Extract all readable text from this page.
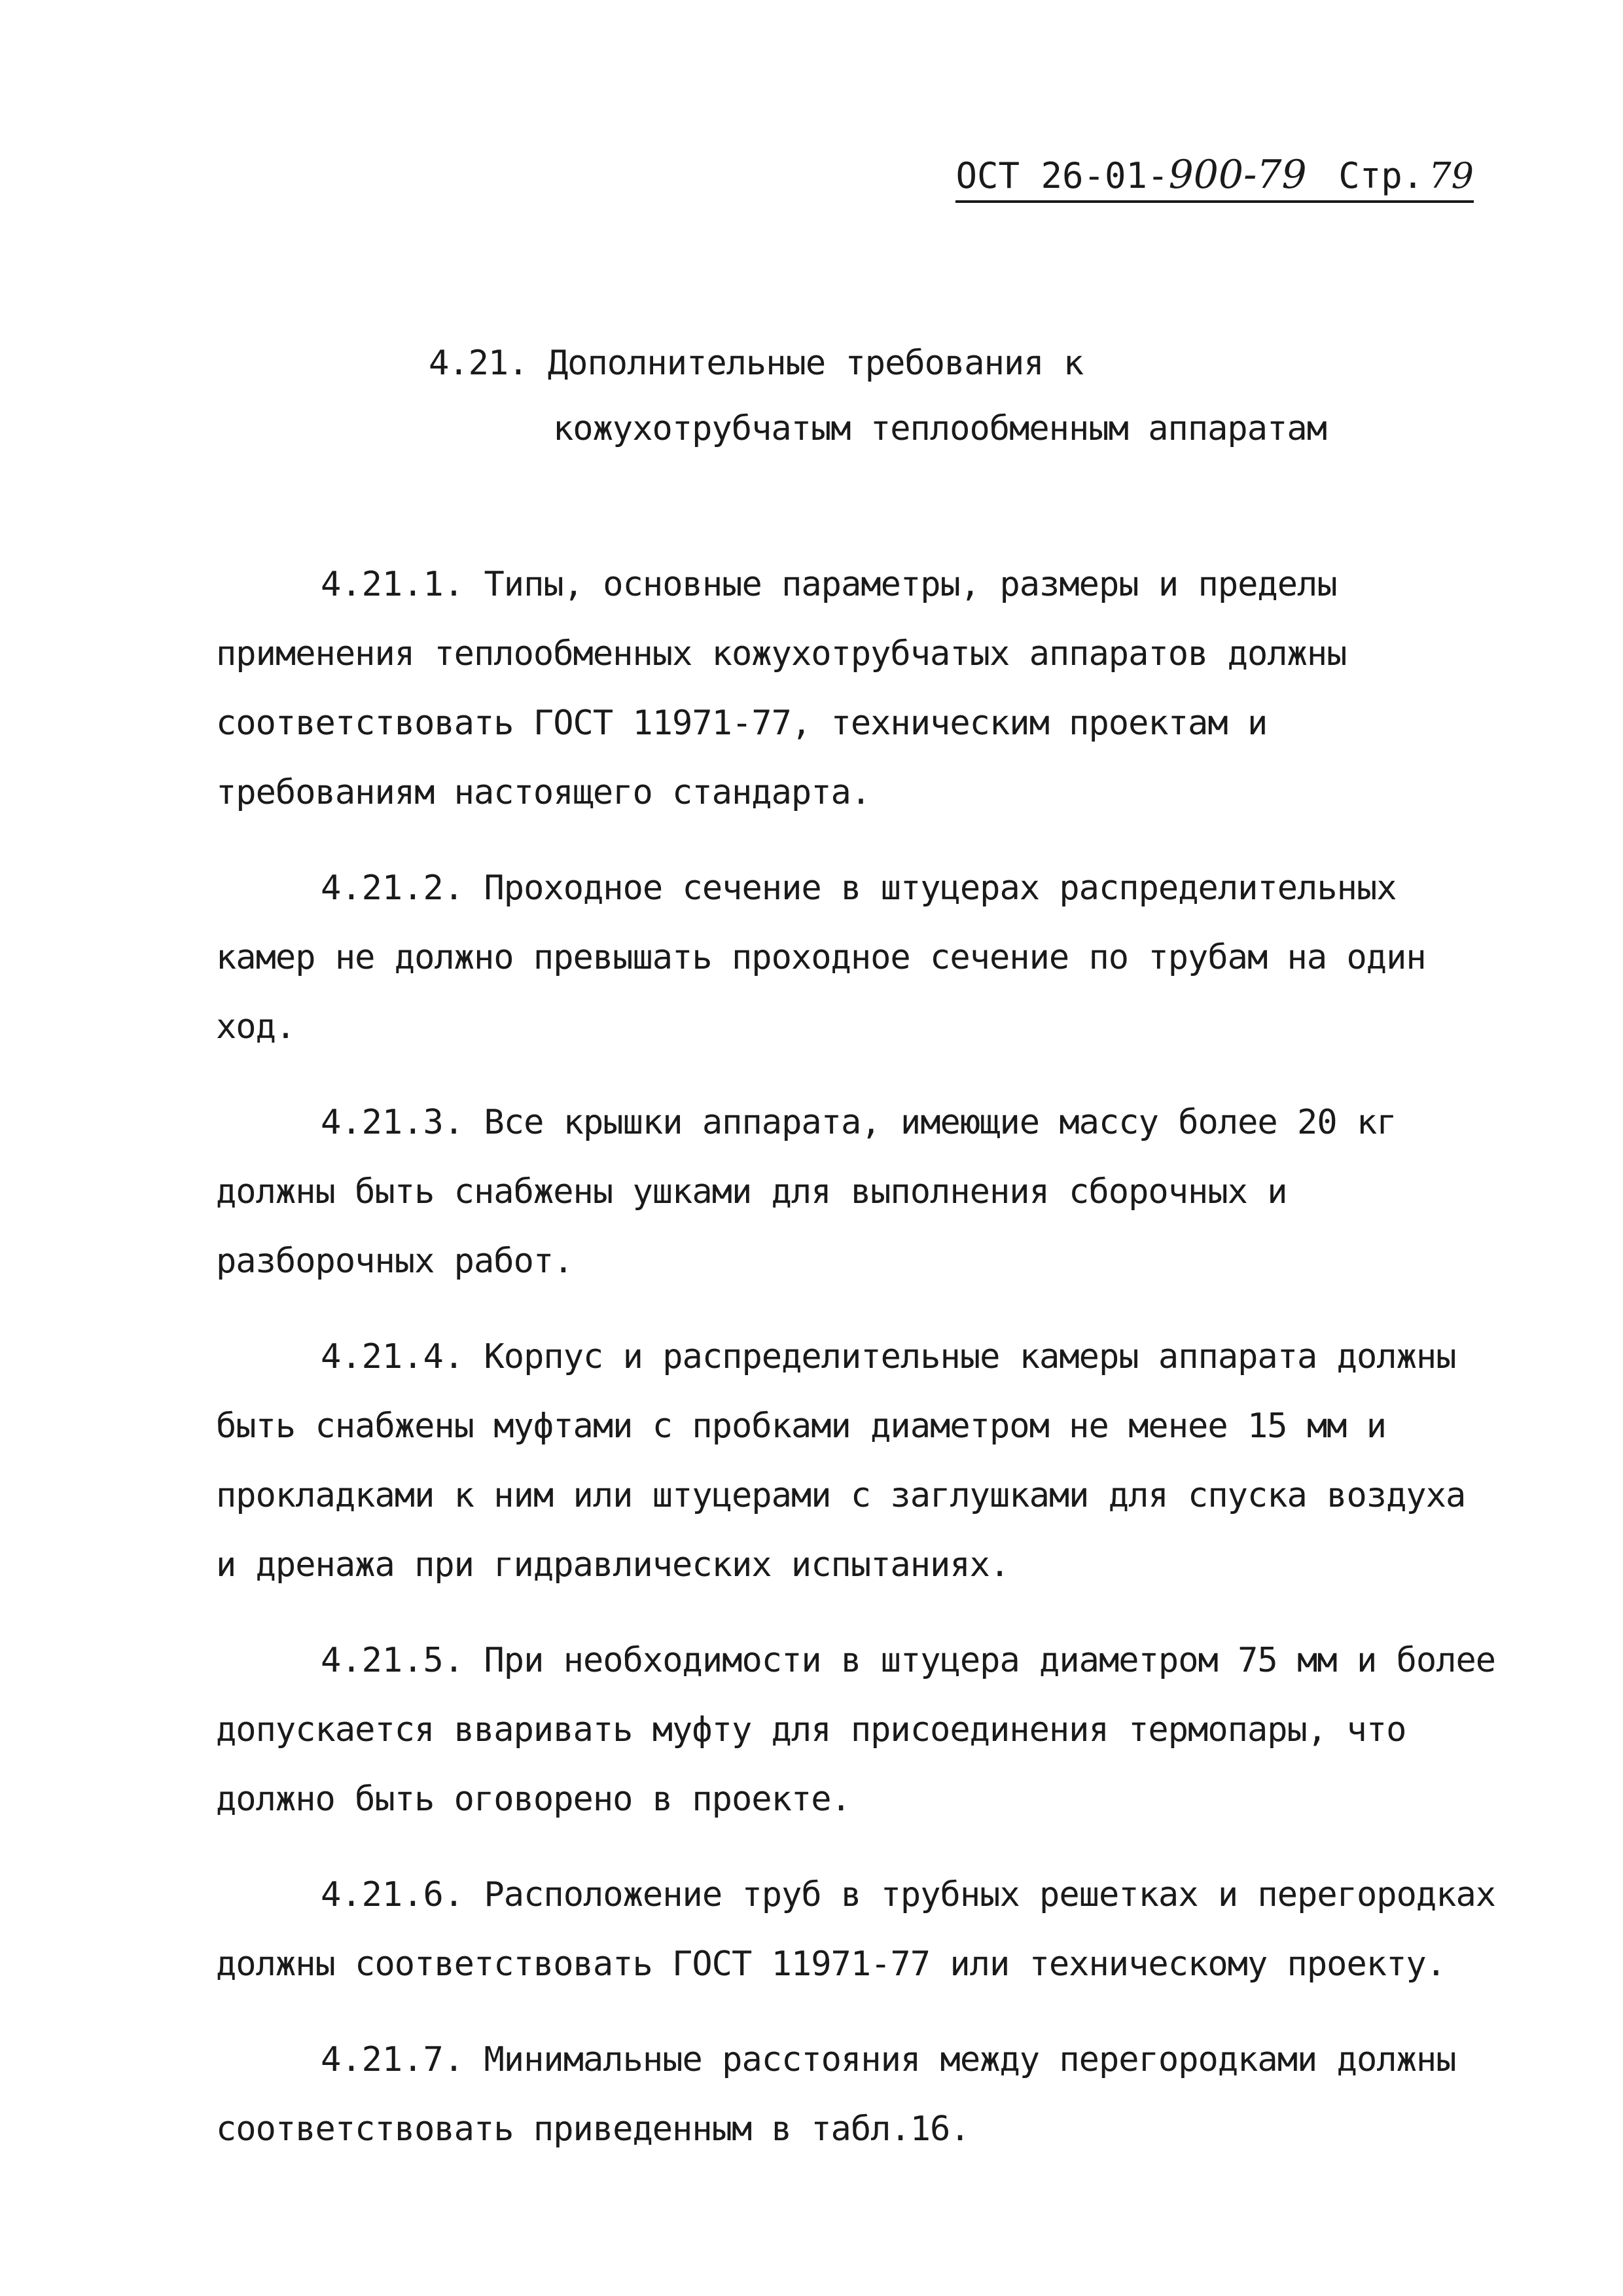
ОСТ 26-01-900-79 Стр. 79
4.21. Дополнительные требования к
кожухотрубчатым теплообменным аппаратам

4.21.1. Типы, основные параметры, размеры и пределы применения теплообменных кожухотрубчатых аппаратов должны соответствовать ГОСТ 11971-77, техническим проектам и требованиям настоящего стандарта.

4.21.2. Проходное сечение в штуцерах распределительных камер не должно превышать проходное сечение по трубам на один ход.

4.21.3. Все крышки аппарата, имеющие массу более 20 кг должны быть снабжены ушками для выполнения сборочных и разборочных работ.

4.21.4. Корпус и распределительные камеры аппарата должны быть снабжены муфтами с пробками диаметром не менее 15 мм и прокладками к ним или штуцерами с заглушками для спуска воздуха и дренажа при гидравлических испытаниях.

4.21.5. При необходимости в штуцера диаметром 75 мм и более допускается вваривать муфту для присоединения термопары, что должно быть оговорено в проекте.

4.21.6. Расположение труб в трубных решетках и перегородках должны соответствовать ГОСТ 11971-77 или техническому проекту.

4.21.7. Минимальные расстояния между перегородками должны соответствовать приведенным в табл.16.
